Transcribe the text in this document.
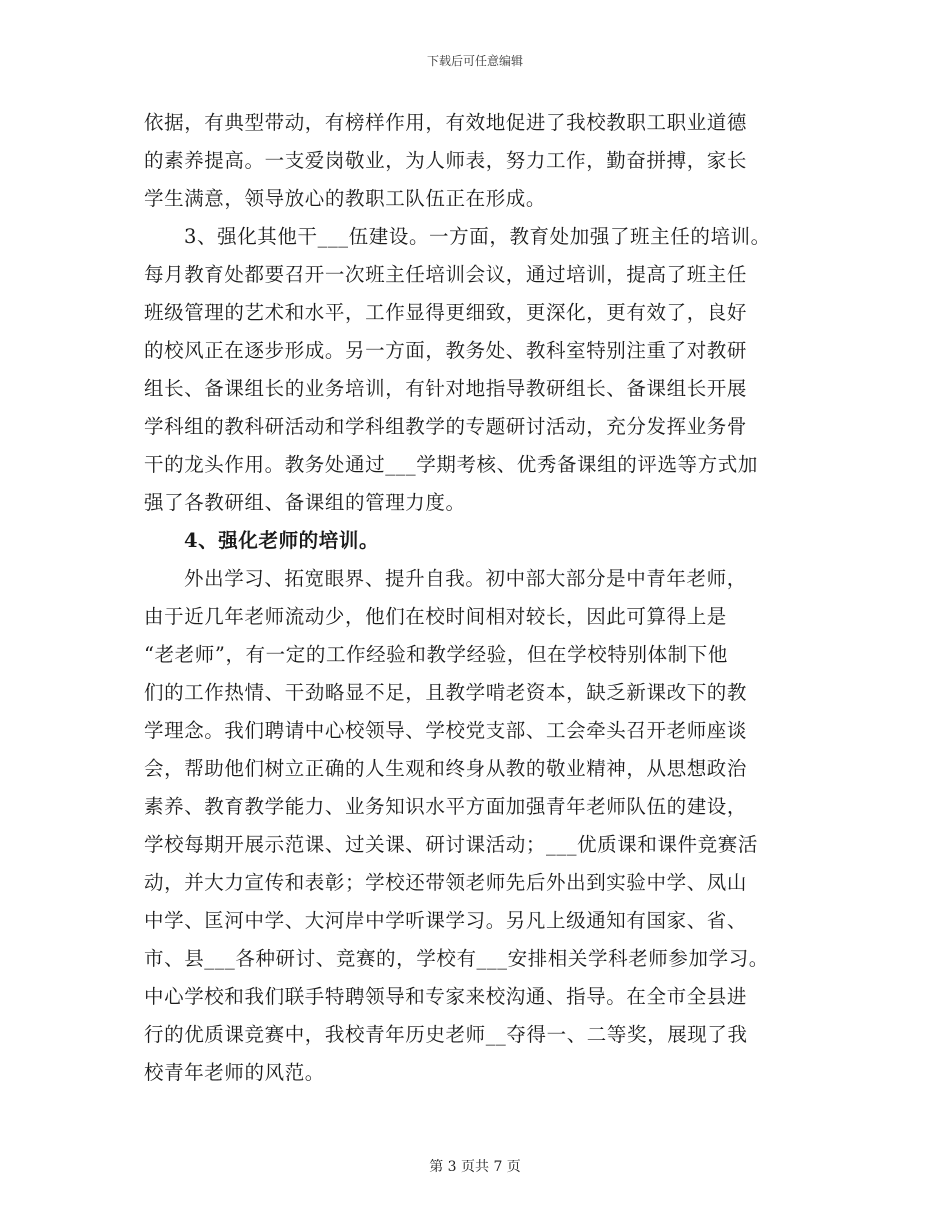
下载后可任意编辑
依据，有典型带动，有榜样作用，有效地促进了我校教职工职业道德
的素养提高。一支爱岗敬业，为人师表，努力工作，勤奋拼搏，家长
学生满意，领导放心的教职工队伍正在形成。
3、强化其他干___伍建设。一方面，教育处加强了班主任的培训。
每月教育处都要召开一次班主任培训会议，通过培训，提高了班主任
班级管理的艺术和水平，工作显得更细致，更深化，更有效了，良好
的校风正在逐步形成。另一方面，教务处、教科室特别注重了对教研
组长、备课组长的业务培训，有针对地指导教研组长、备课组长开展
学科组的教科研活动和学科组教学的专题研讨活动，充分发挥业务骨
干的龙头作用。教务处通过___学期考核、优秀备课组的评选等方式加
强了各教研组、备课组的管理力度。
4、强化老师的培训。
外出学习、拓宽眼界、提升自我。初中部大部分是中青年老师，
由于近几年老师流动少，他们在校时间相对较长，因此可算得上是
“老老师”，有一定的工作经验和教学经验，但在学校特别体制下他
们的工作热情、干劲略显不足，且教学啃老资本，缺乏新课改下的教
学理念。我们聘请中心校领导、学校党支部、工会牵头召开老师座谈
会，帮助他们树立正确的人生观和终身从教的敬业精神，从思想政治
素养、教育教学能力、业务知识水平方面加强青年老师队伍的建设，
学校每期开展示范课、过关课、研讨课活动；___优质课和课件竞赛活
动，并大力宣传和表彰；学校还带领老师先后外出到实验中学、凤山
中学、匡河中学、大河岸中学听课学习。另凡上级通知有国家、省、
市、县___各种研讨、竞赛的，学校有___安排相关学科老师参加学习。
中心学校和我们联手特聘领导和专家来校沟通、指导。在全市全县进
行的优质课竞赛中，我校青年历史老师__夺得一、二等奖，展现了我
校青年老师的风范。
第 3 页共 7 页
